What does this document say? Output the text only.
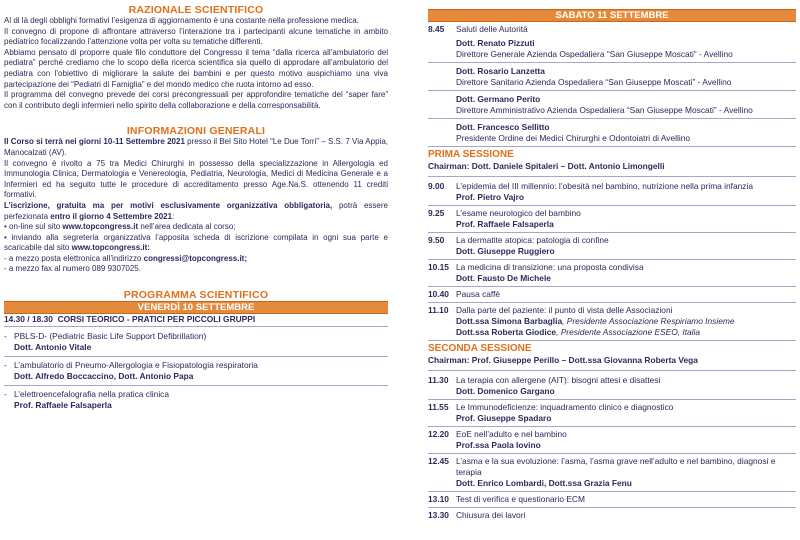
RAZIONALE SCIENTIFICO

Al di là degli obblighi formativi l’esigenza di aggiornamento è una costante nella professione medica.

Il convegno di propone di affrontare attraverso l’interazione tra i partecipanti alcune tematiche in ambito pediatrico focalizzando l’attenzione volta per volta su tematiche differenti.

Abbiamo pensato di proporre quale filo conduttore del Congresso il tema “dalla ricerca all’ambulatorio del pediatra” perché crediamo che lo scopo della ricerca scientifica sia quello di approdare all’ambulatorio del pediatra con l’obiettivo di migliorare la salute dei bambini e per questo motivo auspichiamo una viva partecipazione dei “Pediatri di Famiglia” e del mondo medico che ruota intorno ad esso.

Il programma del convegno prevede dei corsi precongressuali per approfondire tematiche del “saper fare” con il contributo degli infermieri nello spirito della collaborazione e della corresponsabilità.

INFORMAZIONI GENERALI

Il Corso si terrà nei giorni 10-11 Settembre 2021 presso il Bel Sito Hotel “Le Due Torri” – S.S. 7 Via Appia, Manocalzati (AV).

Il convegno è rivolto a 75 tra Medici Chirurghi in possesso della specializzazione in Allergologia ed Immunologia Clinica, Dermatologia e Venereologia, Pediatria, Neurologia, Medici di Medicina Generale e a Infermieri ed ha seguito tutte le procedure di accreditamento presso Age.Na.S. ottenendo 11 crediti formativi.

L’iscrizione, gratuita ma per motivi esclusivamente organizzativa obbligatoria, potrà essere perfezionata entro il giorno 4 Settembre 2021:

• on-line sul sito www.topcongress.it nell’area dedicata al corso;

• inviando alla segreteria organizzativa l’apposita scheda di iscrizione compilata in ogni sua parte e scaricabile dal sito www.topcongress.it:

- a mezzo posta elettronica all’indirizzo congressi@topcongress.it;

- a mezzo fax al numero 089 9307025.

PROGRAMMA SCIENTIFICO
VENERDÌ 10 SETTEMBRE
14.30 / 18.30 CORSI TEORICO - PRATICI PER PICCOLI GRUPPI
- PBLS-D- (Pediatric Basic Life Support Defibrillation)
Dott. Antonio Vitale
- L’ambulatorio di Pneumo-Allergologia e Fisiopatologia respiratoria
Dott. Alfredo Boccaccino, Dott. Antonio Papa
- L’elettroencefalografia nella pratica clinica
Prof. Raffaele Falsaperla
SABATO 11 SETTEMBRE
8.45 Saluti delle Autorità
Dott. Renato Pizzuti
Direttore Generale Azienda Ospedaliera “San Giuseppe Moscati” - Avellino
Dott. Rosario Lanzetta
Direttore Sanitario Azienda Ospedaliera “San Giuseppe Moscati” - Avellino
Dott. Germano Perito
Direttore Amministrativo Azienda Ospedaliera “San Giuseppe Moscati” - Avellino
Dott. Francesco Sellitto
Presidente Ordine dei Medici Chirurghi e Odontoiatri di Avellino
PRIMA SESSIONE
Chairman: Dott. Daniele Spitaleri – Dott. Antonio Limongelli
9.00 L’epidemia del III millennio: l’obesità nel bambino, nutrizione nella prima infanzia
Prof. Pietro Vajro
9.25 L’esame neurologico del bambino
Prof. Raffaele Falsaperla
9.50 La dermatite atopica: patologia di confine
Dott. Giuseppe Ruggiero
10.15 La medicina di transizione: una proposta condivisa
Dott. Fausto De Michele
10.40 Pausa caffè
11.10 Dalla parte del paziente: il punto di vista delle Associazioni
Dott.ssa Simona Barbaglia, Presidente Associazione Respiriamo Insieme
Dott.ssa Roberta Giodice, Presidente Associazione ESEO, Italia
SECONDA SESSIONE
Chairman: Prof. Giuseppe Perillo – Dott.ssa Giovanna Roberta Vega
11.30 La terapia con allergene (AIT): bisogni attesi e disattesi
Dott. Domenico Gargano
11.55 Le Immunodeficienze: inquadramento clinico e diagnostico
Prof. Giuseppe Spadaro
12.20 EoE nell’adulto e nel bambino
Prof.ssa Paola Iovino
12.45 L’asma e la sua evoluzione: l’asma, l’asma grave nell’adulto e nel bambino, diagnosi e terapia
Dott. Enrico Lombardi, Dott.ssa Grazia Fenu
13.10 Test di verifica e questionario ECM
13.30 Chiusura dei lavori
